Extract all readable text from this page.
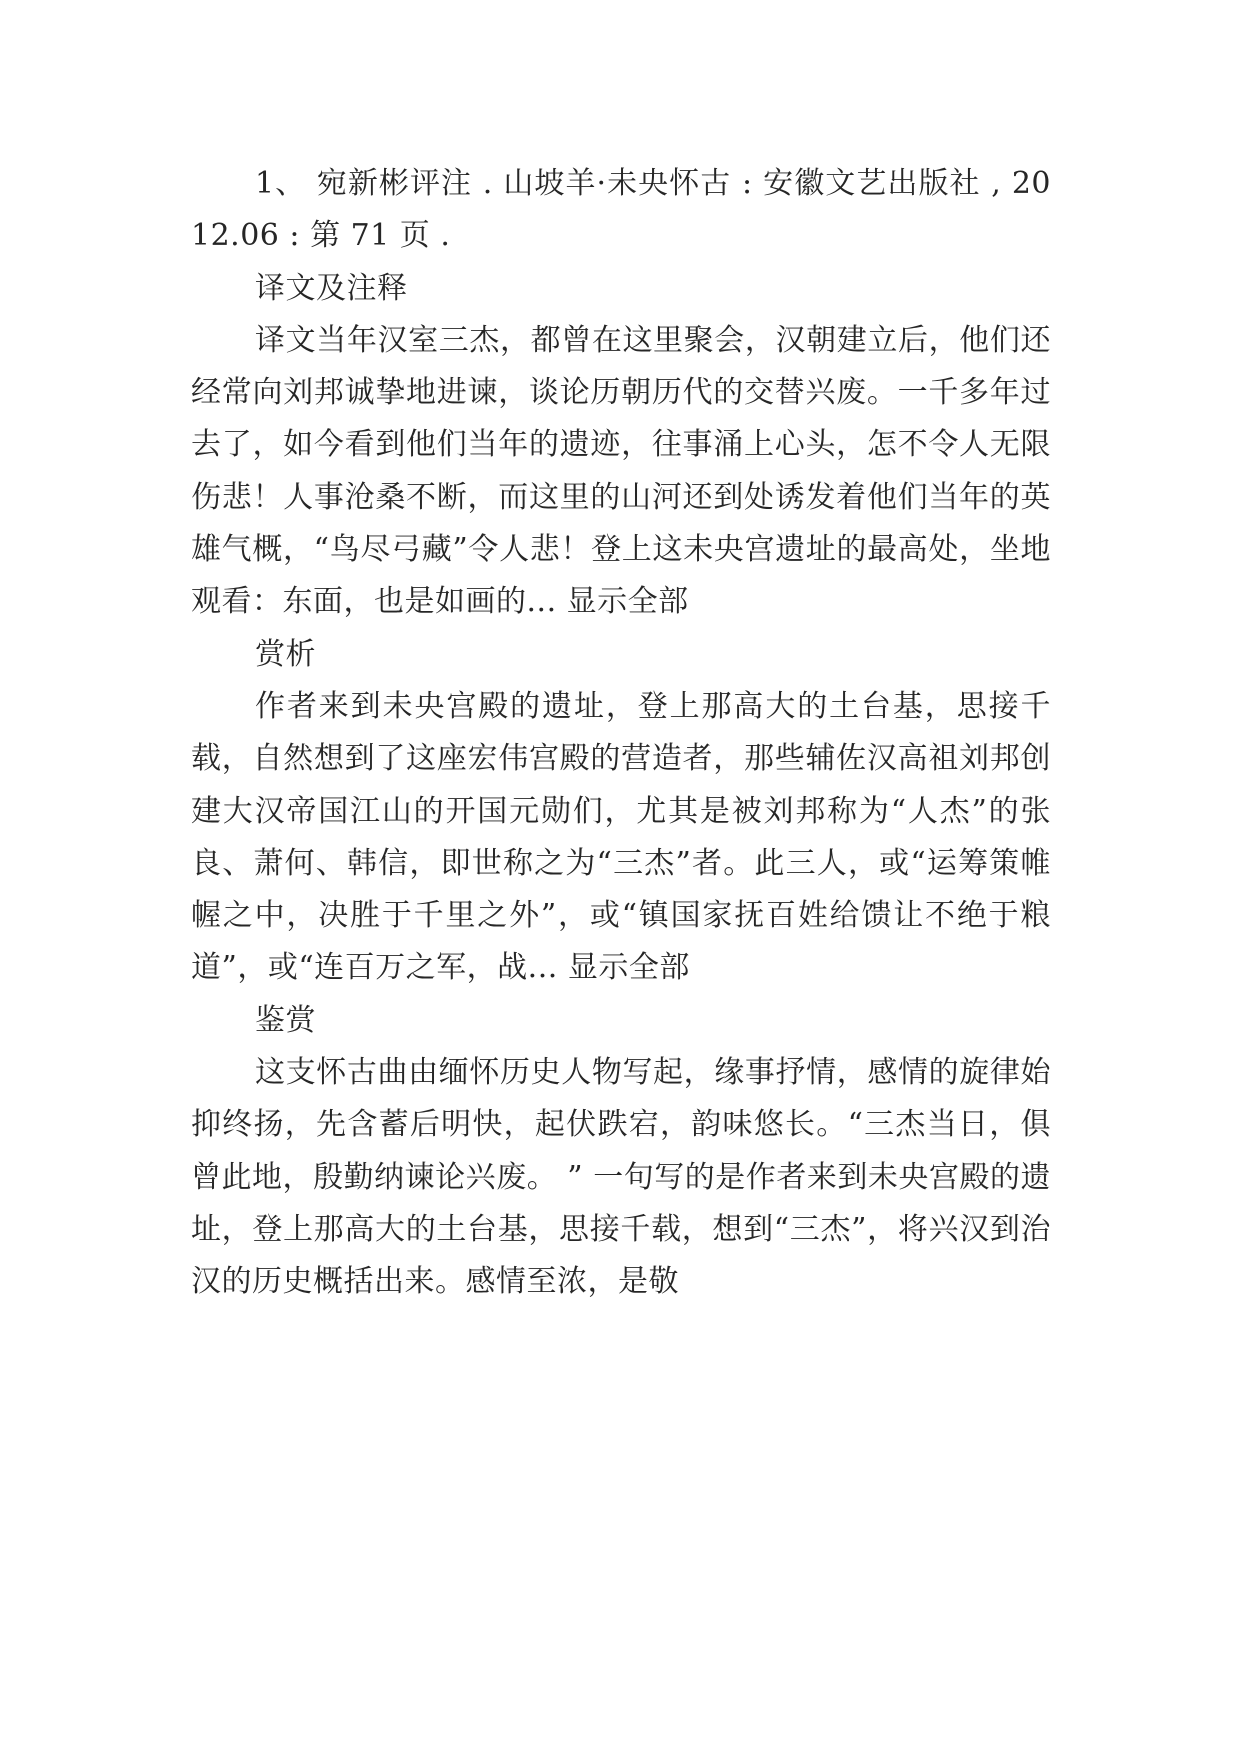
1、 宛新彬评注 . 山坡羊·未央怀古 : 安徽文艺出版社 , 2012.06 : 第 71 页 .

译文及注释

译文当年汉室三杰，都曾在这里聚会，汉朝建立后，他们还经常向刘邦诚挚地进谏，谈论历朝历代的交替兴废。一千多年过去了，如今看到他们当年的遗迹，往事涌上心头，怎不令人无限伤悲！人事沧桑不断，而这里的山河还到处诱发着他们当年的英雄气概，“鸟尽弓藏”令人悲！登上这未央宫遗址的最高处，坐地观看：东面，也是如画的... 显示全部

赏析

作者来到未央宫殿的遗址，登上那高大的土台基，思接千载，自然想到了这座宏伟宫殿的营造者，那些辅佐汉高祖刘邦创建大汉帝国江山的开国元勋们，尤其是被刘邦称为“人杰”的张良、萧何、韩信，即世称之为“三杰”者。此三人，或“运筹策帷幄之中，决胜于千里之外”，或“镇国家抚百姓给馈让不绝于粮道”，或“连百万之军，战... 显示全部

鉴赏

这支怀古曲由缅怀历史人物写起，缘事抒情，感情的旋律始抑终扬，先含蓄后明快，起伏跌宕，韵味悠长。“三杰当日，俱曾此地，殷勤纳谏论兴废。 ” 一句写的是作者来到未央宫殿的遗址，登上那高大的土台基，思接千载，想到“三杰”，将兴汉到治汉的历史概括出来。感情至浓，是敬
